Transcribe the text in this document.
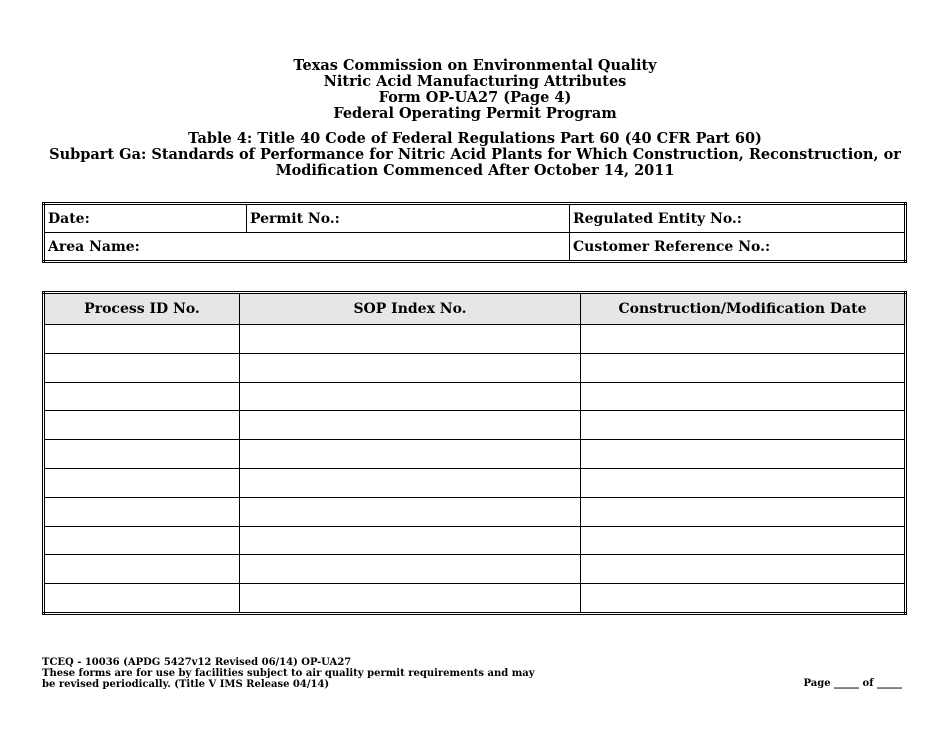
Texas Commission on Environmental Quality
Nitric Acid Manufacturing Attributes
Form OP-UA27 (Page 4)
Federal Operating Permit Program
Table 4: Title 40 Code of Federal Regulations Part 60 (40 CFR Part 60)
Subpart Ga: Standards of Performance for Nitric Acid Plants for Which Construction, Reconstruction, or
Modification Commenced After October 14, 2011
Date:	Permit No.:	Regulated Entity No.:
Area Name:		Customer Reference No.:
Process ID No.	SOP Index No.	Construction/Modification Date

TCEQ - 10036 (APDG 5427v12 Revised 06/14) OP-UA27
These forms are for use by facilities subject to air quality permit requirements and may
be revised periodically. (Title V IMS Release 04/14)	Page _____ of _____
